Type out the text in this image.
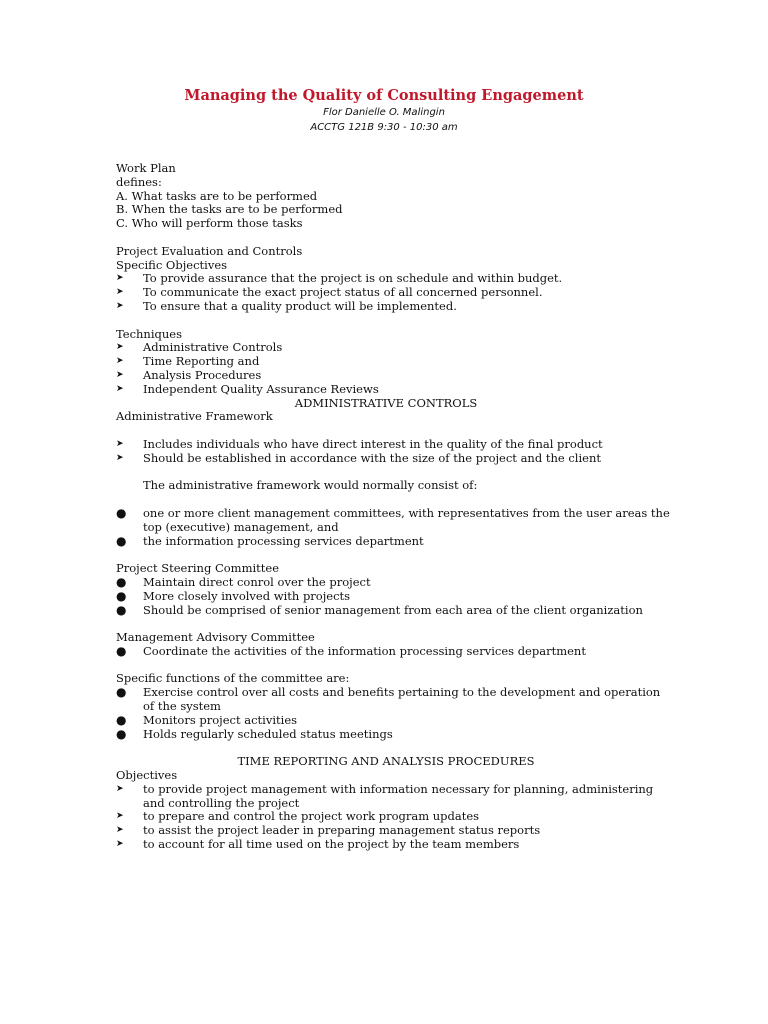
Managing the Quality of Consulting Engagement
Flor Danielle O. Malingin
ACCTG 121B 9:30 - 10:30 am
Work Plan
defines:
A. What tasks are to be performed
B. When the tasks are to be performed
C. Who will perform those tasks
Project Evaluation and Controls
Specific Objectives
➤	To provide assurance that the project is on schedule and within budget.
➤	To communicate the exact project status of all concerned personnel.
➤	To ensure that a quality product will be implemented.
Techniques
➤	Administrative Controls
➤	Time Reporting and
➤	Analysis Procedures
➤	Independent Quality Assurance Reviews
ADMINISTRATIVE CONTROLS
Administrative Framework
➤	Includes individuals who have direct interest in the quality of the final product
➤	Should be established in accordance with the size of the project and the client
The administrative framework would normally consist of:
●	one or more client management committees, with representatives from the user areas the
top (executive) management, and
●	the information processing services department
Project Steering Committee
●	Maintain direct conrol over the project
●	More closely involved with projects
●	Should be comprised of senior management from each area of the client organization
Management Advisory Committee
●	Coordinate the activities of the information processing services department
Specific functions of the committee are:
●	Exercise control over all costs and benefits pertaining to the development and operation
of the system
●	Monitors project activities
●	Holds regularly scheduled status meetings
TIME REPORTING AND ANALYSIS PROCEDURES
Objectives
➤	to provide project management with information necessary for planning, administering
and controlling the project
➤	to prepare and control the project work program updates
➤	to assist the project leader in preparing management status reports
➤	to account for all time used on the project by the team members
